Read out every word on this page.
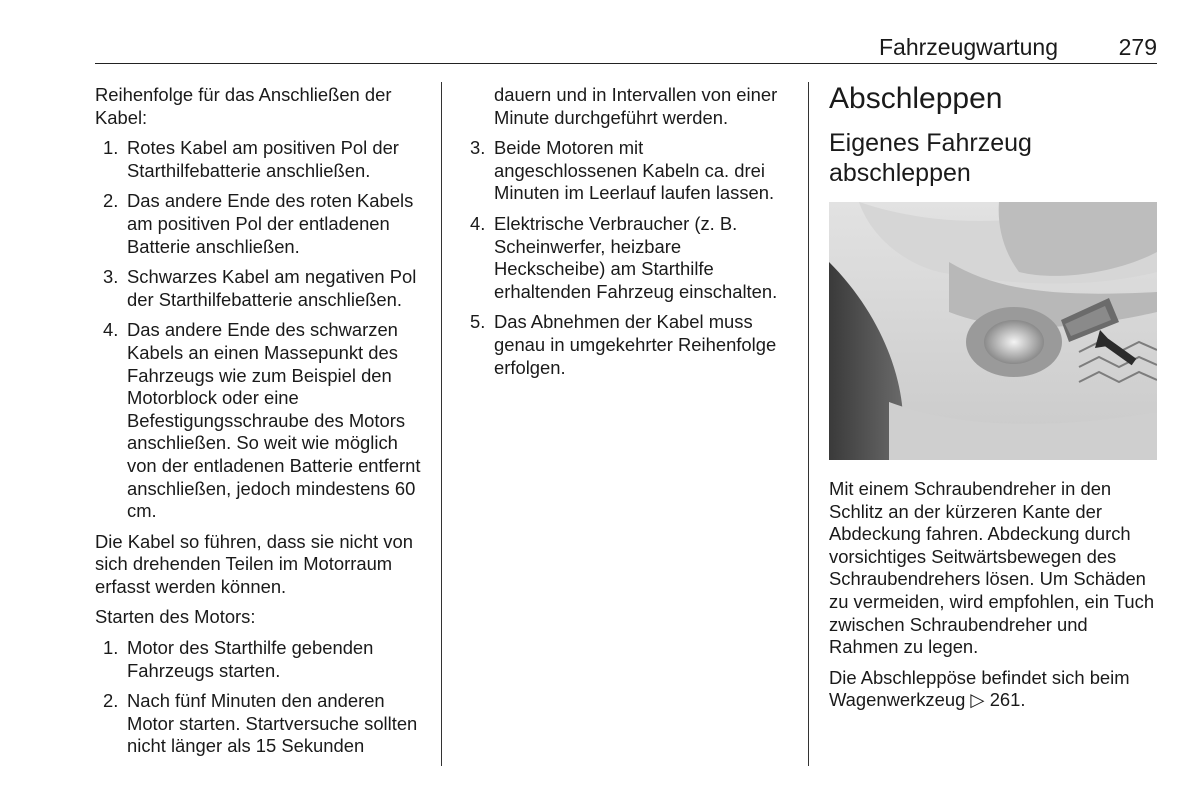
Fahrzeugwartung	279

Reihenfolge für das Anschließen der Kabel:

1. Rotes Kabel am positiven Pol der Starthilfebatterie anschließen.
2. Das andere Ende des roten Kabels am positiven Pol der entladenen Batterie anschließen.
3. Schwarzes Kabel am negativen Pol der Starthilfebatterie anschließen.
4. Das andere Ende des schwarzen Kabels an einen Massepunkt des Fahrzeugs wie zum Beispiel den Motorblock oder eine Befestigungsschraube des Motors anschließen. So weit wie möglich von der entladenen Batterie entfernt anschließen, jedoch mindestens 60 cm.

Die Kabel so führen, dass sie nicht von sich drehenden Teilen im Motorraum erfasst werden können.

Starten des Motors:

1. Motor des Starthilfe gebenden Fahrzeugs starten.
2. Nach fünf Minuten den anderen Motor starten. Startversuche sollten nicht länger als 15 Sekunden
dauern und in Intervallen von einer Minute durchgeführt werden.
3. Beide Motoren mit angeschlossenen Kabeln ca. drei Minuten im Leerlauf laufen lassen.
4. Elektrische Verbraucher (z. B. Scheinwerfer, heizbare Heckscheibe) am Starthilfe erhaltenden Fahrzeug einschalten.
5. Das Abnehmen der Kabel muss genau in umgekehrter Reihenfolge erfolgen.
Abschleppen
Eigenes Fahrzeug abschleppen

Mit einem Schraubendreher in den Schlitz an der kürzeren Kante der Abdeckung fahren. Abdeckung durch vorsichtiges Seitwärtsbewegen des Schraubendrehers lösen. Um Schäden zu vermeiden, wird empfohlen, ein Tuch zwischen Schraubendreher und Rahmen zu legen.

Die Abschleppöse befindet sich beim Wagenwerkzeug ▷ 261.
